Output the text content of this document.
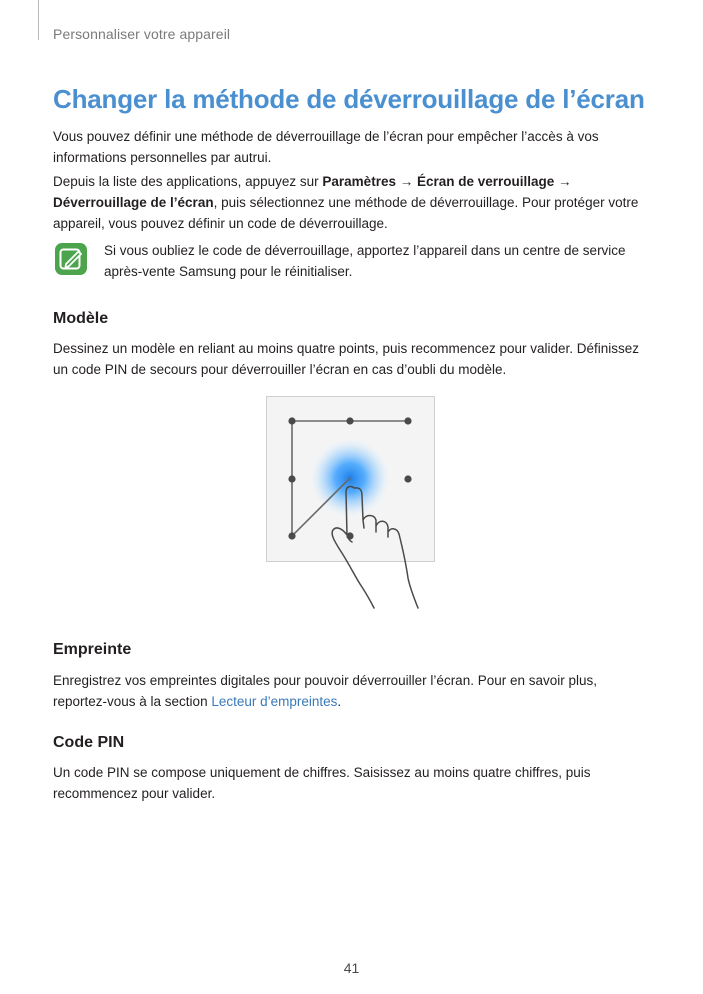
Personnaliser votre appareil
Changer la méthode de déverrouillage de l’écran

Vous pouvez définir une méthode de déverrouillage de l’écran pour empêcher l’accès à vos informations personnelles par autrui.

Depuis la liste des applications, appuyez sur Paramètres → Écran de verrouillage → Déverrouillage de l’écran, puis sélectionnez une méthode de déverrouillage. Pour protéger votre appareil, vous pouvez définir un code de déverrouillage.

Si vous oubliez le code de déverrouillage, apportez l’appareil dans un centre de service après-vente Samsung pour le réinitialiser.

Modèle

Dessinez un modèle en reliant au moins quatre points, puis recommencez pour valider. Définissez un code PIN de secours pour déverrouiller l’écran en cas d’oubli du modèle.

Empreinte

Enregistrez vos empreintes digitales pour pouvoir déverrouiller l’écran. Pour en savoir plus, reportez-vous à la section Lecteur d’empreintes.

Code PIN

Un code PIN se compose uniquement de chiffres. Saisissez au moins quatre chiffres, puis recommencez pour valider.

41
